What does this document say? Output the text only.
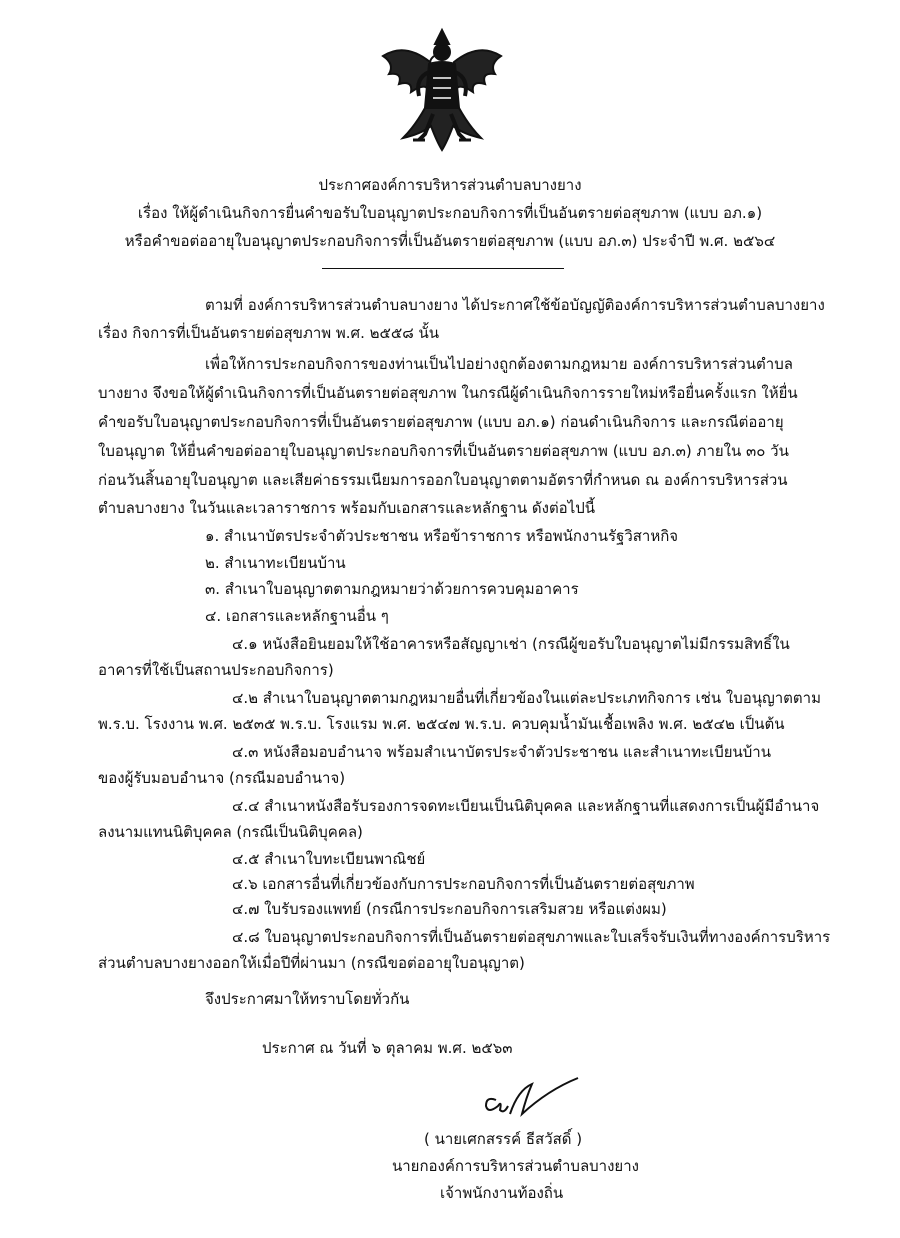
ประกาศองค์การบริหารส่วนตำบลบางยาง
เรื่อง ให้ผู้ดำเนินกิจการยื่นคำขอรับใบอนุญาตประกอบกิจการที่เป็นอันตรายต่อสุขภาพ (แบบ อภ.๑)
หรือคำขอต่ออายุใบอนุญาตประกอบกิจการที่เป็นอันตรายต่อสุขภาพ (แบบ อภ.๓) ประจำปี พ.ศ. ๒๕๖๔
ตามที่ องค์การบริหารส่วนตำบลบางยาง ได้ประกาศใช้ข้อบัญญัติองค์การบริหารส่วนตำบลบางยาง
เรื่อง กิจการที่เป็นอันตรายต่อสุขภาพ พ.ศ. ๒๕๕๘ นั้น
เพื่อให้การประกอบกิจการของท่านเป็นไปอย่างถูกต้องตามกฎหมาย องค์การบริหารส่วนตำบล
บางยาง จึงขอให้ผู้ดำเนินกิจการที่เป็นอันตรายต่อสุขภาพ ในกรณีผู้ดำเนินกิจการรายใหม่หรือยื่นครั้งแรก ให้ยื่น
คำขอรับใบอนุญาตประกอบกิจการที่เป็นอันตรายต่อสุขภาพ (แบบ อภ.๑) ก่อนดำเนินกิจการ และกรณีต่ออายุ
ใบอนุญาต ให้ยื่นคำขอต่ออายุใบอนุญาตประกอบกิจการที่เป็นอันตรายต่อสุขภาพ (แบบ อภ.๓) ภายใน ๓๐ วัน
ก่อนวันสิ้นอายุใบอนุญาต และเสียค่าธรรมเนียมการออกใบอนุญาตตามอัตราที่กำหนด ณ องค์การบริหารส่วน
ตำบลบางยาง ในวันและเวลาราชการ พร้อมกับเอกสารและหลักฐาน ดังต่อไปนี้
๑. สำเนาบัตรประจำตัวประชาชน หรือข้าราชการ หรือพนักงานรัฐวิสาหกิจ
๒. สำเนาทะเบียนบ้าน
๓. สำเนาใบอนุญาตตามกฎหมายว่าด้วยการควบคุมอาคาร
๔. เอกสารและหลักฐานอื่น ๆ
๔.๑ หนังสือยินยอมให้ใช้อาคารหรือสัญญาเช่า (กรณีผู้ขอรับใบอนุญาตไม่มีกรรมสิทธิ์ใน
อาคารที่ใช้เป็นสถานประกอบกิจการ)
๔.๒ สำเนาใบอนุญาตตามกฎหมายอื่นที่เกี่ยวข้องในแต่ละประเภทกิจการ เช่น ใบอนุญาตตาม
พ.ร.บ. โรงงาน พ.ศ. ๒๕๓๕ พ.ร.บ. โรงแรม พ.ศ. ๒๕๔๗ พ.ร.บ. ควบคุมน้ำมันเชื้อเพลิง พ.ศ. ๒๕๔๒ เป็นต้น
๔.๓ หนังสือมอบอำนาจ พร้อมสำเนาบัตรประจำตัวประชาชน และสำเนาทะเบียนบ้าน
ของผู้รับมอบอำนาจ (กรณีมอบอำนาจ)
๔.๔ สำเนาหนังสือรับรองการจดทะเบียนเป็นนิติบุคคล และหลักฐานที่แสดงการเป็นผู้มีอำนาจ
ลงนามแทนนิติบุคคล (กรณีเป็นนิติบุคคล)
๔.๕ สำเนาใบทะเบียนพาณิชย์
๔.๖ เอกสารอื่นที่เกี่ยวข้องกับการประกอบกิจการที่เป็นอันตรายต่อสุขภาพ
๔.๗ ใบรับรองแพทย์ (กรณีการประกอบกิจการเสริมสวย หรือแต่งผม)
๔.๘ ใบอนุญาตประกอบกิจการที่เป็นอันตรายต่อสุขภาพและใบเสร็จรับเงินที่ทางองค์การบริหาร
ส่วนตำบลบางยางออกให้เมื่อปีที่ผ่านมา (กรณีขอต่ออายุใบอนุญาต)
จึงประกาศมาให้ทราบโดยทั่วกัน
ประกาศ ณ วันที่ ๖ ตุลาคม พ.ศ. ๒๕๖๓
( นายเศกสรรค์ ธีสวัสดิ์ )
นายกองค์การบริหารส่วนตำบลบางยาง
เจ้าพนักงานท้องถิ่น
